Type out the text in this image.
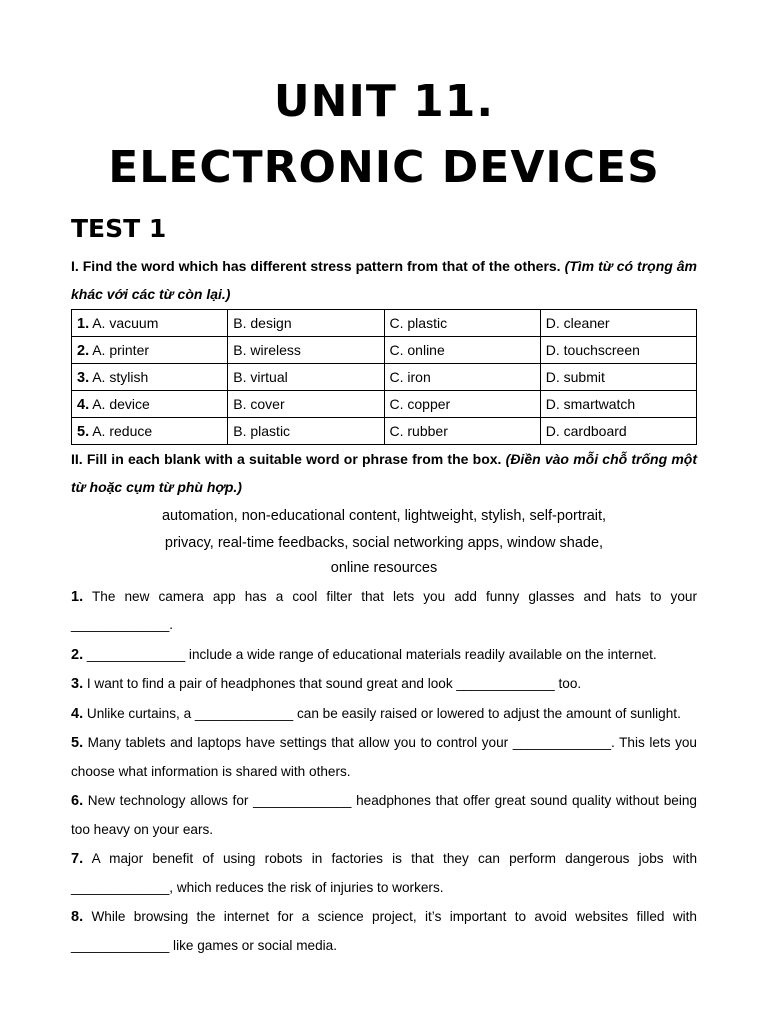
UNIT 11.
ELECTRONIC DEVICES
TEST 1

I. Find the word which has different stress pattern from that of the others. (Tìm từ có trọng âm khác với các từ còn lại.)

1. A. vacuum	B. design	C. plastic	D. cleaner
2. A. printer	B. wireless	C. online	D. touchscreen
3. A. stylish	B. virtual	C. iron	D. submit
4. A. device	B. cover	C. copper	D. smartwatch
5. A. reduce	B. plastic	C. rubber	D. cardboard

II. Fill in each blank with a suitable word or phrase from the box. (Điền vào mỗi chỗ trống một từ hoặc cụm từ phù hợp.)

automation, non-educational content, lightweight, stylish, self-portrait,
privacy, real-time feedbacks, social networking apps, window shade,
online resources

1. The new camera app has a cool filter that lets you add funny glasses and hats to your _____________.

2. _____________ include a wide range of educational materials readily available on the internet.

3. I want to find a pair of headphones that sound great and look _____________ too.

4. Unlike curtains, a _____________ can be easily raised or lowered to adjust the amount of sunlight.

5. Many tablets and laptops have settings that allow you to control your _____________. This lets you choose what information is shared with others.

6. New technology allows for _____________ headphones that offer great sound quality without being too heavy on your ears.

7. A major benefit of using robots in factories is that they can perform dangerous jobs with _____________, which reduces the risk of injuries to workers.

8. While browsing the internet for a science project, it’s important to avoid websites filled with _____________ like games or social media.
